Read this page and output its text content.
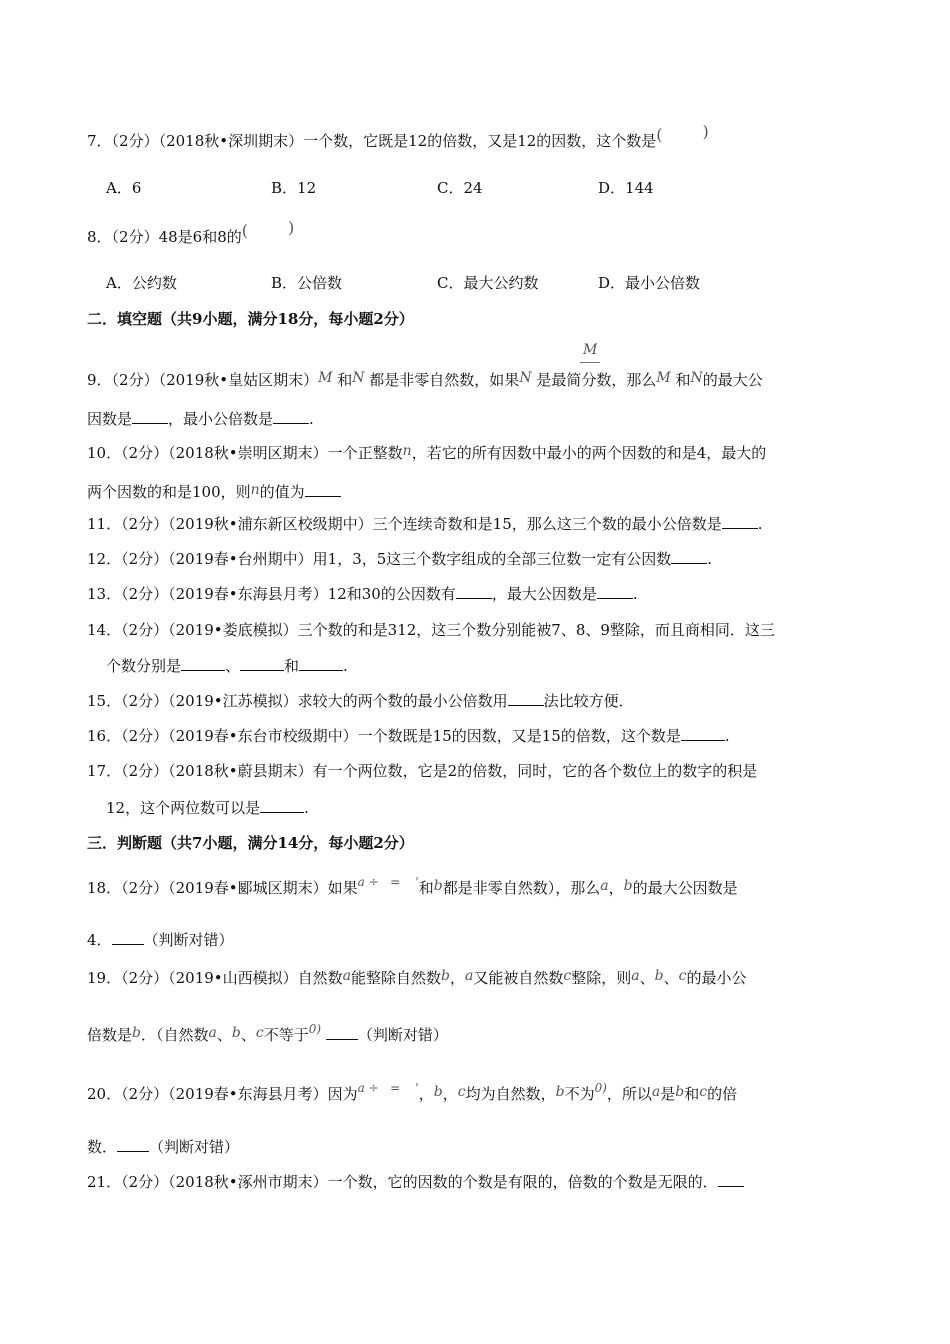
7．（2分）（2018秋•深圳期末）一个数，它既是12的倍数，又是12的因数，这个数是(	)
A．6	B．12	C．24	D．144
8．（2分）48是6和8的(	)
A．公约数	B．公倍数	C．最大公约数	D．最小公倍数
二．填空题（共9小题，满分18分，每小题2分）
M
9．（2分）（2019秋•皇姑区期末）M 和N 都是非零自然数，如果N 是最简分数，那么M 和N的最大公
因数是 ，最小公倍数是 .
10．（2分）（2018秋•崇明区期末）一个正整数n，若它的所有因数中最小的两个因数的和是4，最大的
两个因数的和是100，则n的值为
11．（2分）（2019秋•浦东新区校级期中）三个连续奇数和是15，那么这三个数的最小公倍数是 .
12．（2分）（2019春•台州期中）用1，3，5这三个数字组成的全部三位数一定有公因数 .
13．（2分）（2019春•东海县月考）12和30的公因数有 ，最大公因数是 .
14．（2分）（2019•娄底模拟）三个数的和是312，这三个数分别能被7、8、9整除，而且商相同．这三
个数分别是	、	和	.
15．（2分）（2019•江苏模拟）求较大的两个数的最小公倍数用 法比较方便．
16．（2分）（2019春•东台市校级期中）一个数既是15的因数，又是15的倍数，这个数是	.
17．（2分）（2018秋•蔚县期末）有一个两位数，它是2的倍数，同时，它的各个数位上的数字的积是
12，这个两位数可以是	.
三．判断题（共7小题，满分14分，每小题2分）
18．（2分）（2019春•郾城区期末）如果$^{a \div = '}$和b都是非零自然数），那么a，b的最大公因数是
4． （判断对错）
19．（2分）（2019•山西模拟）自然数a能整除自然数b，a又能被自然数c整除，则a、b、c的最小公
倍数是b．（自然数a、b、c不等于$^{0)}$ （判断对错）
20．（2分）（2019春•东海县月考）因为$^{a \div = '}$，b，c均为自然数，b不为$^{0)}$，所以a是b和c的倍
数． （判断对错）
21．（2分）（2018秋•涿州市期末）一个数，它的因数的个数是有限的，倍数的个数是无限的．
